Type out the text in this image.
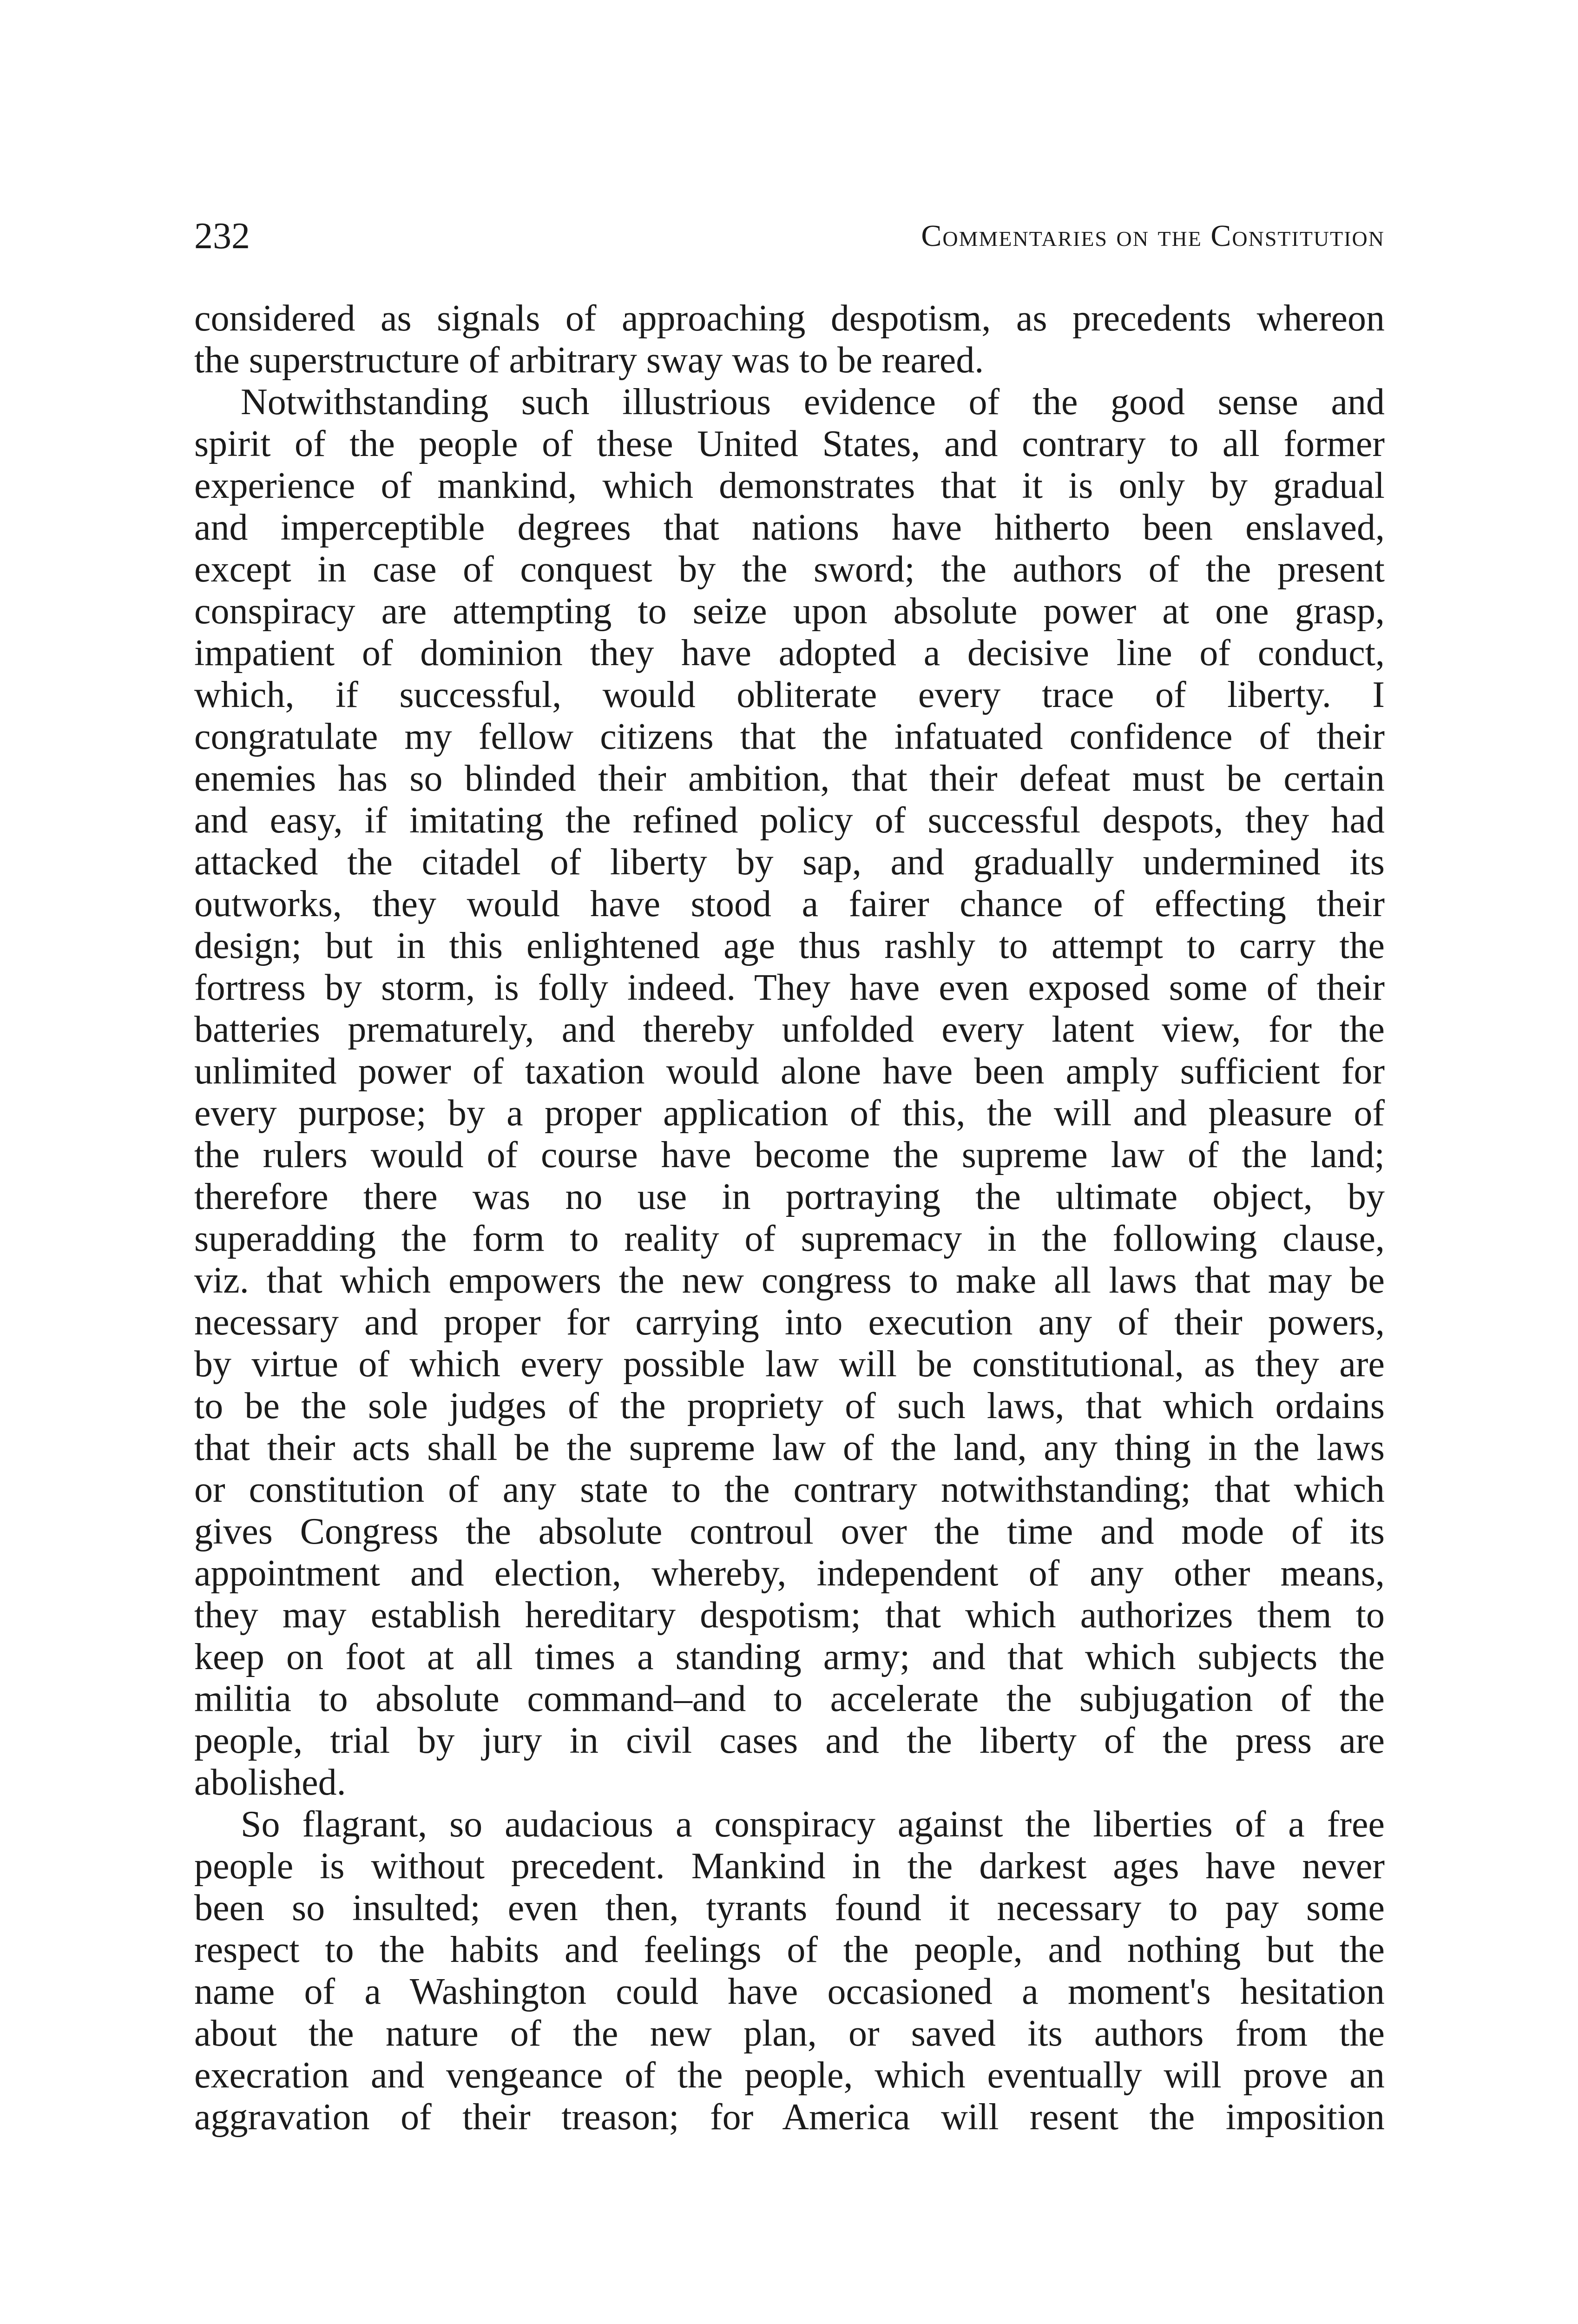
232	Commentaries on the Constitution
considered as signals of approaching despotism, as precedents whereon
the superstructure of arbitrary sway was to be reared.
Notwithstanding such illustrious evidence of the good sense and
spirit of the people of these United States, and contrary to all former
experience of mankind, which demonstrates that it is only by gradual
and imperceptible degrees that nations have hitherto been enslaved,
except in case of conquest by the sword; the authors of the present
conspiracy are attempting to seize upon absolute power at one grasp,
impatient of dominion they have adopted a decisive line of conduct,
which, if successful, would obliterate every trace of liberty. I
congratulate my fellow citizens that the infatuated confidence of their
enemies has so blinded their ambition, that their defeat must be certain
and easy, if imitating the refined policy of successful despots, they had
attacked the citadel of liberty by sap, and gradually undermined its
outworks, they would have stood a fairer chance of effecting their
design; but in this enlightened age thus rashly to attempt to carry the
fortress by storm, is folly indeed. They have even exposed some of their
batteries prematurely, and thereby unfolded every latent view, for the
unlimited power of taxation would alone have been amply sufficient for
every purpose; by a proper application of this, the will and pleasure of
the rulers would of course have become the supreme law of the land;
therefore there was no use in portraying the ultimate object, by
superadding the form to reality of supremacy in the following clause,
viz. that which empowers the new congress to make all laws that may be
necessary and proper for carrying into execution any of their powers,
by virtue of which every possible law will be constitutional, as they are
to be the sole judges of the propriety of such laws, that which ordains
that their acts shall be the supreme law of the land, any thing in the laws
or constitution of any state to the contrary notwithstanding; that which
gives Congress the absolute controul over the time and mode of its
appointment and election, whereby, independent of any other means,
they may establish hereditary despotism; that which authorizes them to
keep on foot at all times a standing army; and that which subjects the
militia to absolute command–and to accelerate the subjugation of the
people, trial by jury in civil cases and the liberty of the press are
abolished.
So flagrant, so audacious a conspiracy against the liberties of a free
people is without precedent. Mankind in the darkest ages have never
been so insulted; even then, tyrants found it necessary to pay some
respect to the habits and feelings of the people, and nothing but the
name of a Washington could have occasioned a moment's hesitation
about the nature of the new plan, or saved its authors from the
execration and vengeance of the people, which eventually will prove an
aggravation of their treason; for America will resent the imposition
